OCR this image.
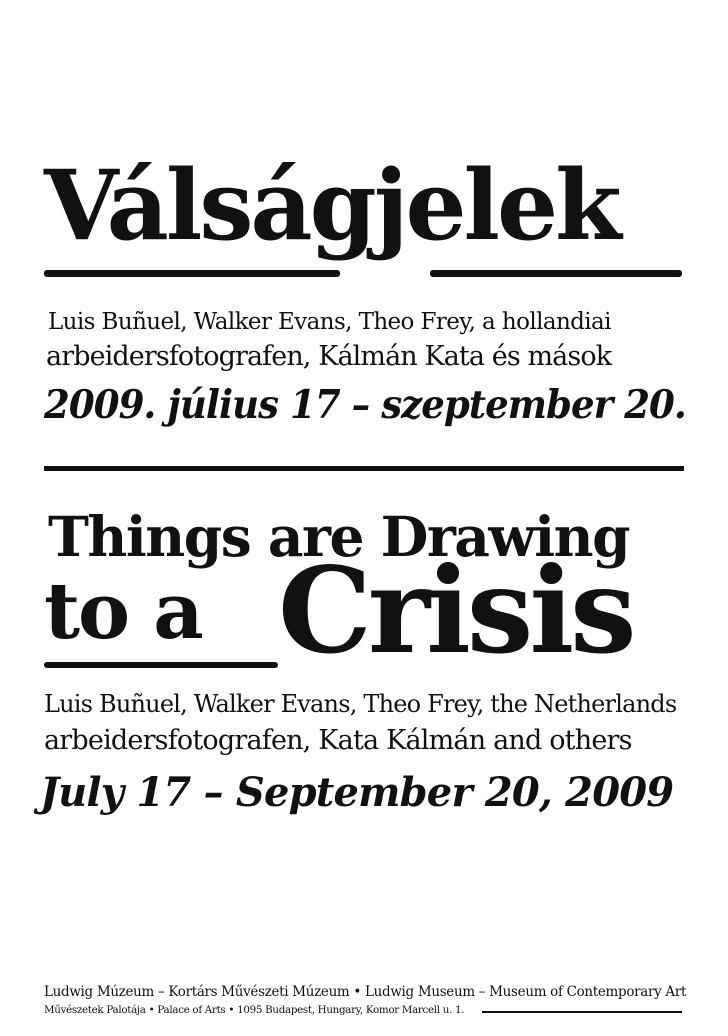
Válságjelek
Luis Buñuel, Walker Evans, Theo Frey, a hollandiai
arbeidersfotografen, Kálmán Kata és mások
2009. július 17 – szeptember 20.
Things are Drawing
to a Crisis
Luis Buñuel, Walker Evans, Theo Frey, the Netherlands
arbeidersfotografen, Kata Kálmán and others
July 17 – September 20, 2009
Ludwig Múzeum – Kortárs Művészeti Múzeum • Ludwig Museum – Museum of Contemporary Art
Művészetek Palotája • Palace of Arts • 1095 Budapest, Hungary, Komor Marcell u. 1.
